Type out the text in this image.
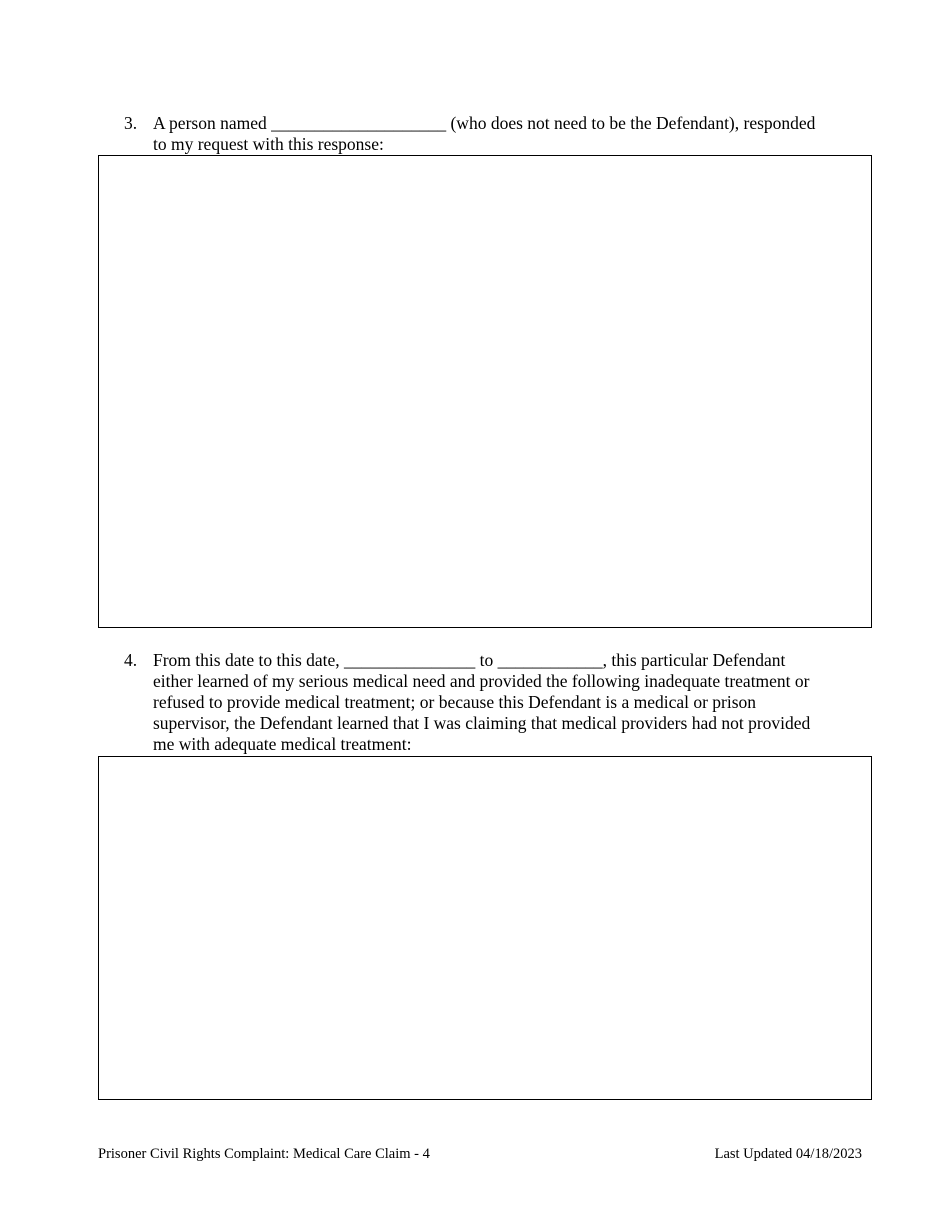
3. A person named ____________________ (who does not need to be the Defendant), responded
to my request with this response:
4. From this date to this date, _______________ to ____________, this particular Defendant
either learned of my serious medical need and provided the following inadequate treatment or
refused to provide medical treatment; or because this Defendant is a medical or prison
supervisor, the Defendant learned that I was claiming that medical providers had not provided
me with adequate medical treatment:
Prisoner Civil Rights Complaint: Medical Care Claim - 4	Last Updated 04/18/2023
